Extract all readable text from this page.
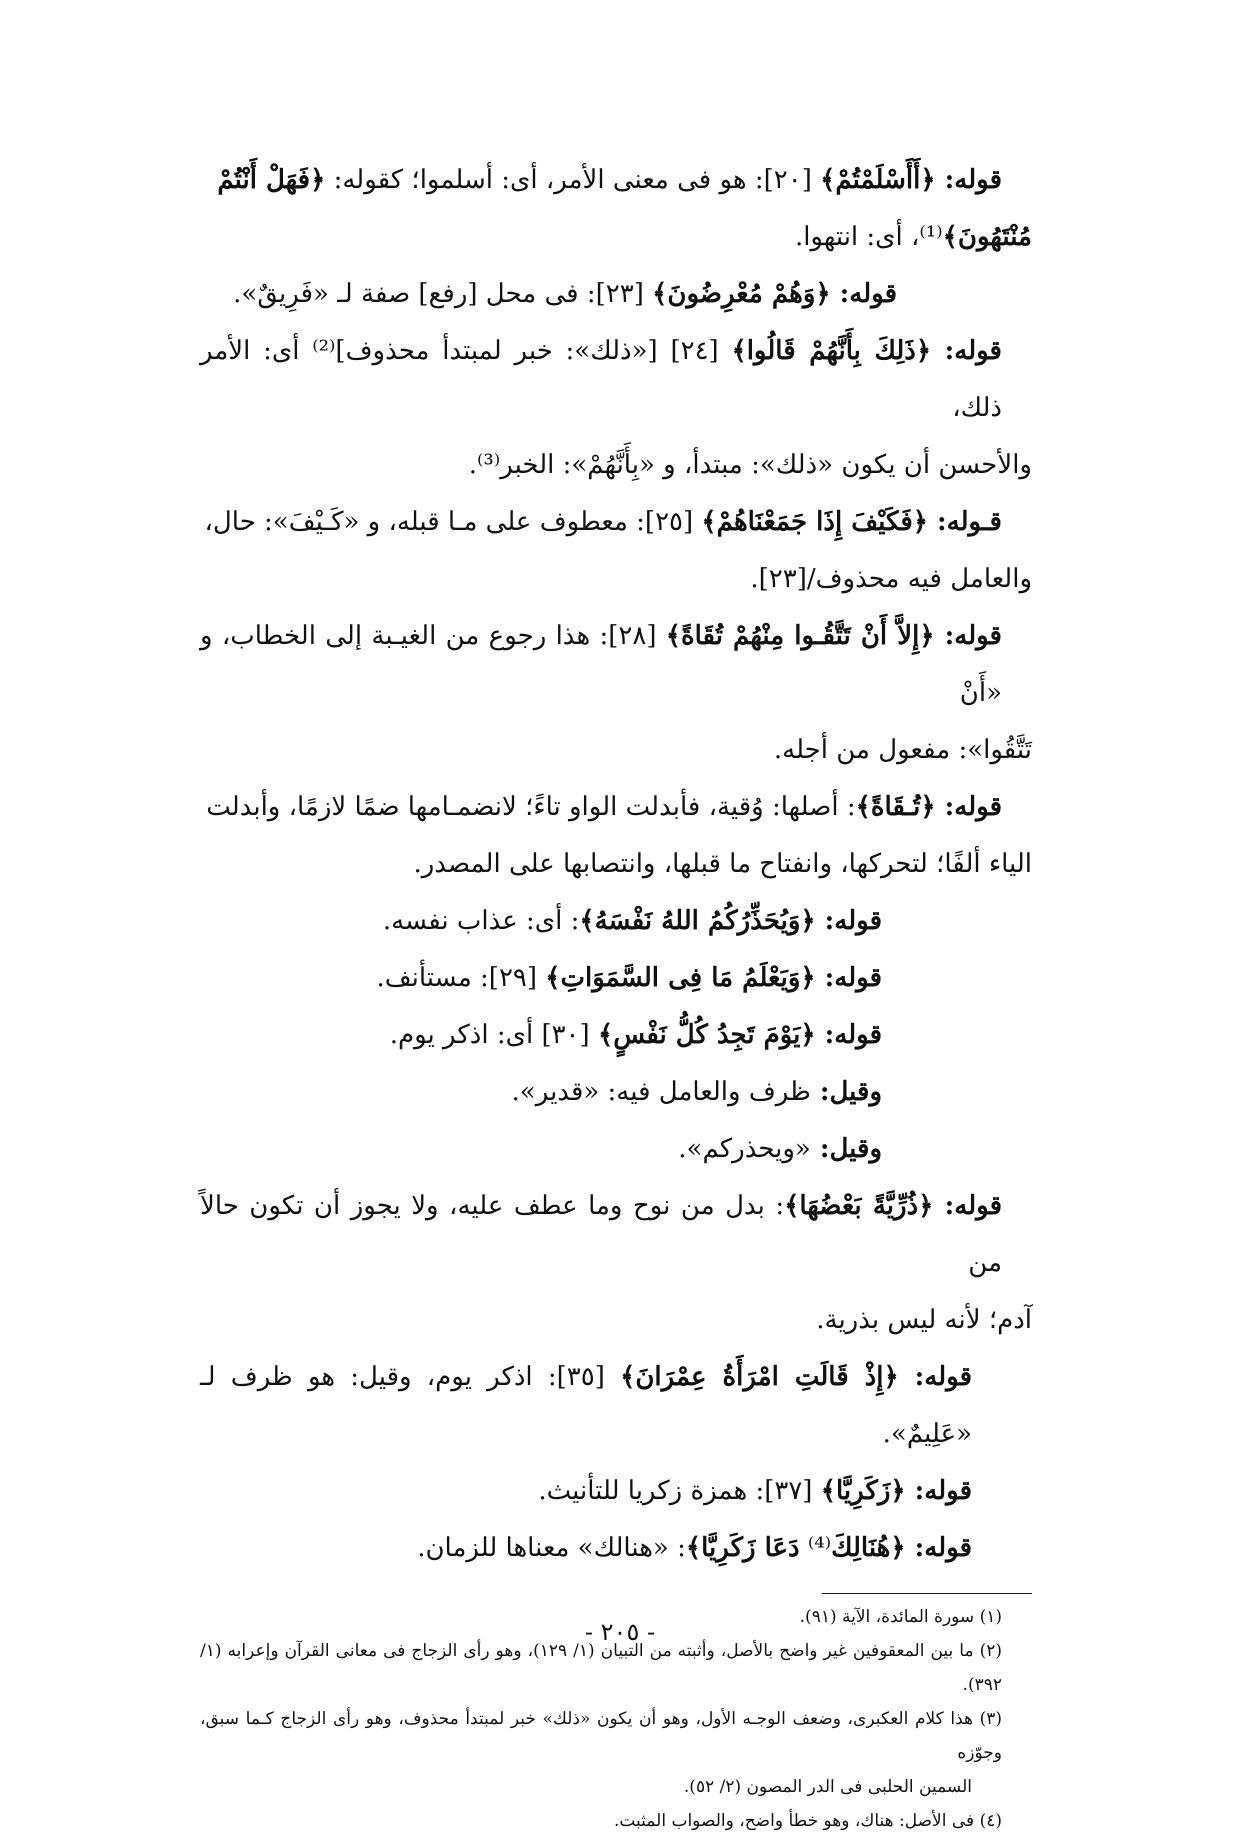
قوله: ﴿أَأَسْلَمْتُمْ﴾ [٢٠]: هو فى معنى الأمر، أى: أسلموا؛ كقوله: ﴿فَهَلْ أَنْتُمْ

مُنْتَهُونَ﴾⁽¹⁾، أى: انتهوا.

قوله: ﴿وَهُمْ مُعْرِضُونَ﴾ [٢٣]: فى محل [رفع] صفة لـ «فَرِيقٌ».

قوله: ﴿ذَلِكَ بِأَنَّهُمْ قَالُوا﴾ [٢٤] [«ذلك»: خبر لمبتدأ محذوف]⁽²⁾ أى: الأمر ذلك،

والأحسن أن يكون «ذلك»: مبتدأ، و «بِأَنَّهُمْ»: الخبر⁽³⁾.

قـوله: ﴿فَكَيْفَ إِذَا جَمَعْنَاهُمْ﴾ [٢٥]: معطوف على مـا قبله، و «كَـيْفَ»: حال،

والعامل فيه محذوف/[٢٣].

قوله: ﴿إِلاَّ أَنْ تَتَّقُـوا مِنْهُمْ تُقَاةً﴾ [٢٨]: هذا رجوع من الغيـبة إلى الخطاب، و «أَنْ

تَتَّقُوا»: مفعول من أجله.

قوله: ﴿تُـقَاةً﴾: أصلها: وُقية، فأبدلت الواو تاءً؛ لانضمـامها ضمًا لازمًا، وأبدلت

الياء ألفًا؛ لتحركها، وانفتاح ما قبلها، وانتصابها على المصدر.

قوله: ﴿وَيُحَذِّرُكُمُ اللهُ نَفْسَهُ﴾: أى: عذاب نفسه.

قوله: ﴿وَيَعْلَمُ مَا فِى السَّمَوَاتِ﴾ [٢٩]: مستأنف.

قوله: ﴿يَوْمَ تَجِدُ كُلُّ نَفْسٍ﴾ [٣٠] أى: اذكر يوم.

وقيل: ظرف والعامل فيه: «قدير».

وقيل: «ويحذركم».

قوله: ﴿ذُرِّيَّةً بَعْضُهَا﴾: بدل من نوح وما عطف عليه، ولا يجوز أن تكون حالاً من

آدم؛ لأنه ليس بذرية.

قوله: ﴿إِذْ قَالَتِ امْرَأَةُ عِمْرَانَ﴾ [٣٥]: اذكر يوم، وقيل: هو ظرف لـ «عَلِيمٌ».

قوله: ﴿زَكَرِيَّا﴾ [٣٧]: همزة زكريا للتأنيث.

قوله: ﴿هُنَالِكَ⁽⁴⁾ دَعَا زَكَرِيَّا﴾: «هنالك» معناها للزمان.

(١) سورة المائدة، الآية (٩١).

(٢) ما بين المعقوفين غير واضح بالأصل، وأثبته من التبيان (١/ ١٢٩)، وهو رأى الزجاج فى معانى القرآن وإعرابه (١/ ٣٩٢).

(٣) هذا كلام العكبرى، وضعف الوجـه الأول، وهو أن يكون «ذلك» خبر لمبتدأ محذوف، وهو رأى الزجاج كـما سبق، وجوّزه

السمين الحلبى فى الدر المصون (٢/ ٥٢).

(٤) فى الأصل: هناك، وهو خطأ واضح، والصواب المثبت.

- ٢٠٥ -
